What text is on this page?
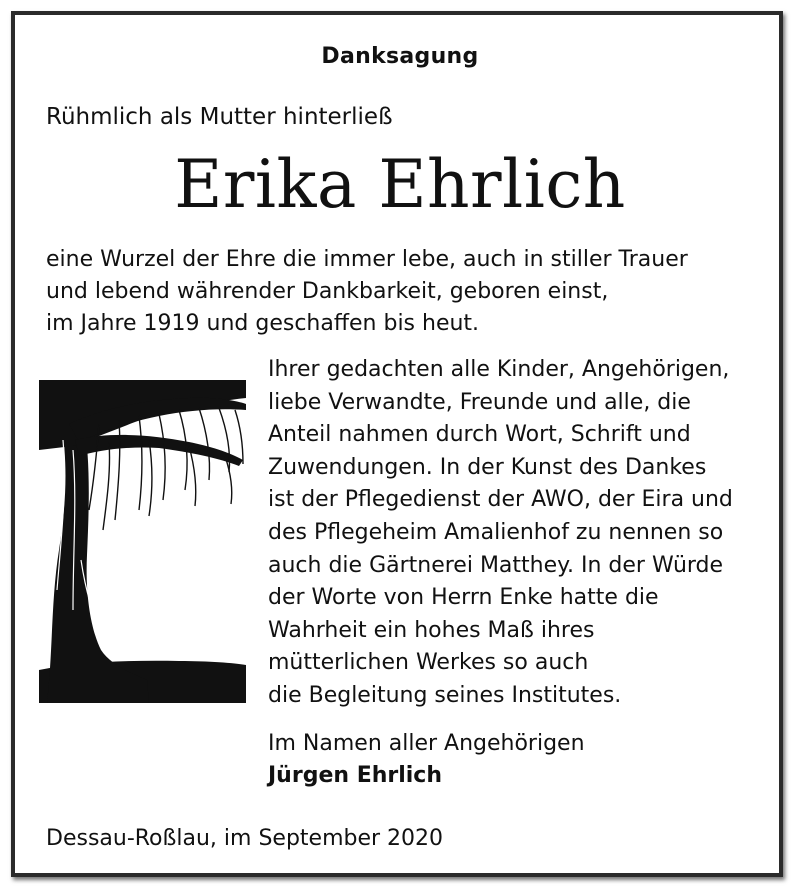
Danksagung
Rühmlich als Mutter hinterließ
Erika Ehrlich
eine Wurzel der Ehre die immer lebe, auch in stiller Trauer
und lebend währender Dankbarkeit, geboren einst,
im Jahre 1919 und geschaffen bis heut.
Ihrer gedachten alle Kinder, Angehörigen,
liebe Verwandte, Freunde und alle, die
Anteil nahmen durch Wort, Schrift und
Zuwendungen. In der Kunst des Dankes
ist der Pflegedienst der AWO, der Eira und
des Pflegeheim Amalienhof zu nennen so
auch die Gärtnerei Matthey. In der Würde
der Worte von Herrn Enke hatte die
Wahrheit ein hohes Maß ihres
mütterlichen Werkes so auch
die Begleitung seines Institutes.
Im Namen aller Angehörigen
Jürgen Ehrlich
Dessau-Roßlau, im September 2020
